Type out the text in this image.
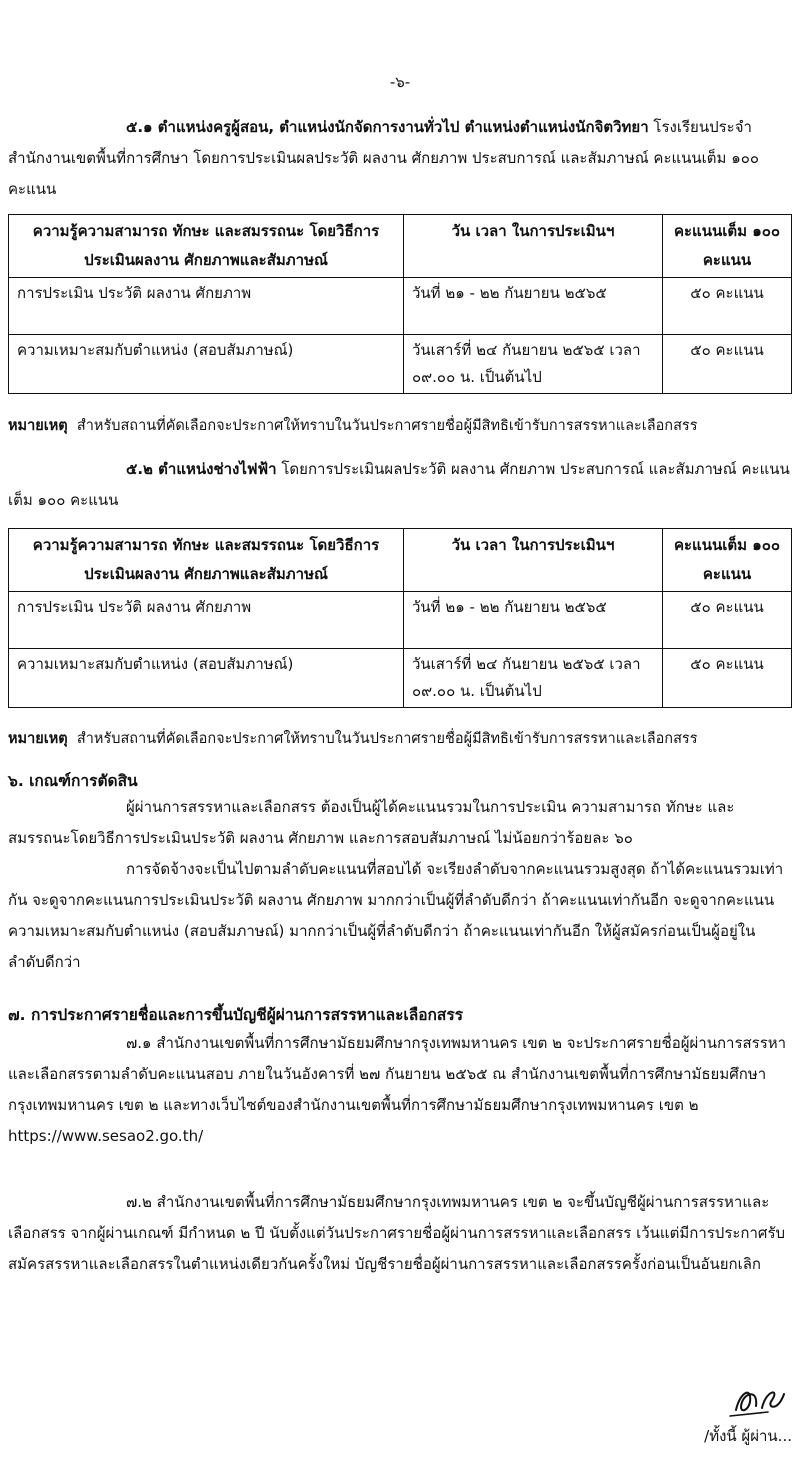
-๖-
๕.๑ ตำแหน่งครูผู้สอน, ตำแหน่งนักจัดการงานทั่วไป ตำแหน่งตำแหน่งนักจิตวิทยา โรงเรียนประจำสำนักงานเขตพื้นที่การศึกษา โดยการประเมินผลประวัติ ผลงาน ศักยภาพ ประสบการณ์ และสัมภาษณ์ คะแนนเต็ม ๑๐๐ คะแนน
ความรู้ความสามารถ ทักษะ และสมรรถนะ โดยวิธีการประเมินผลงาน ศักยภาพและสัมภาษณ์	วัน เวลา ในการประเมินฯ	คะแนนเต็ม ๑๐๐ คะแนน
การประเมิน ประวัติ ผลงาน ศักยภาพ	วันที่ ๒๑ - ๒๒ กันยายน ๒๕๖๕	๕๐ คะแนน
ความเหมาะสมกับตำแหน่ง (สอบสัมภาษณ์)	วันเสาร์ที่ ๒๔ กันยายน ๒๕๖๕ เวลา ๐๙.๐๐ น. เป็นต้นไป	๕๐ คะแนน
หมายเหตุ สำหรับสถานที่คัดเลือกจะประกาศให้ทราบในวันประกาศรายชื่อผู้มีสิทธิเข้ารับการสรรหาและเลือกสรร
๕.๒ ตำแหน่งช่างไฟฟ้า โดยการประเมินผลประวัติ ผลงาน ศักยภาพ ประสบการณ์ และสัมภาษณ์ คะแนนเต็ม ๑๐๐ คะแนน
ความรู้ความสามารถ ทักษะ และสมรรถนะ โดยวิธีการประเมินผลงาน ศักยภาพและสัมภาษณ์	วัน เวลา ในการประเมินฯ	คะแนนเต็ม ๑๐๐ คะแนน
การประเมิน ประวัติ ผลงาน ศักยภาพ	วันที่ ๒๑ - ๒๒ กันยายน ๒๕๖๕	๕๐ คะแนน
ความเหมาะสมกับตำแหน่ง (สอบสัมภาษณ์)	วันเสาร์ที่ ๒๔ กันยายน ๒๕๖๕ เวลา ๐๙.๐๐ น. เป็นต้นไป	๕๐ คะแนน
หมายเหตุ สำหรับสถานที่คัดเลือกจะประกาศให้ทราบในวันประกาศรายชื่อผู้มีสิทธิเข้ารับการสรรหาและเลือกสรร
๖. เกณฑ์การตัดสิน
ผู้ผ่านการสรรหาและเลือกสรร ต้องเป็นผู้ได้คะแนนรวมในการประเมิน ความสามารถ ทักษะ และสมรรถนะโดยวิธีการประเมินประวัติ ผลงาน ศักยภาพ และการสอบสัมภาษณ์ ไม่น้อยกว่าร้อยละ ๖๐
การจัดจ้างจะเป็นไปตามลำดับคะแนนที่สอบได้ จะเรียงลำดับจากคะแนนรวมสูงสุด ถ้าได้คะแนนรวมเท่ากัน จะดูจากคะแนนการประเมินประวัติ ผลงาน ศักยภาพ มากกว่าเป็นผู้ที่ลำดับดีกว่า ถ้าคะแนนเท่ากันอีก จะดูจากคะแนนความเหมาะสมกับตำแหน่ง (สอบสัมภาษณ์) มากกว่าเป็นผู้ที่ลำดับดีกว่า ถ้าคะแนนเท่ากันอีก ให้ผู้สมัครก่อนเป็นผู้อยู่ในลำดับดีกว่า
๗. การประกาศรายชื่อและการขึ้นบัญชีผู้ผ่านการสรรหาและเลือกสรร
๗.๑ สำนักงานเขตพื้นที่การศึกษามัธยมศึกษากรุงเทพมหานคร เขต ๒ จะประกาศรายชื่อผู้ผ่านการสรรหาและเลือกสรรตามลำดับคะแนนสอบ ภายในวันอังคารที่ ๒๗ กันยายน ๒๕๖๕ ณ สำนักงานเขตพื้นที่การศึกษามัธยมศึกษากรุงเทพมหานคร เขต ๒ และทางเว็บไซต์ของสำนักงานเขตพื้นที่การศึกษามัธยมศึกษากรุงเทพมหานคร เขต ๒ https://www.sesao2.go.th/
๗.๒ สำนักงานเขตพื้นที่การศึกษามัธยมศึกษากรุงเทพมหานคร เขต ๒ จะขึ้นบัญชีผู้ผ่านการสรรหาและเลือกสรร จากผู้ผ่านเกณฑ์ มีกำหนด ๒ ปี นับตั้งแต่วันประกาศรายชื่อผู้ผ่านการสรรหาและเลือกสรร เว้นแต่มีการประกาศรับสมัครสรรหาและเลือกสรรในตำแหน่งเดียวกันครั้งใหม่ บัญชีรายชื่อผู้ผ่านการสรรหาและเลือกสรรครั้งก่อนเป็นอันยกเลิก
/ทั้งนี้ ผู้ผ่าน...
